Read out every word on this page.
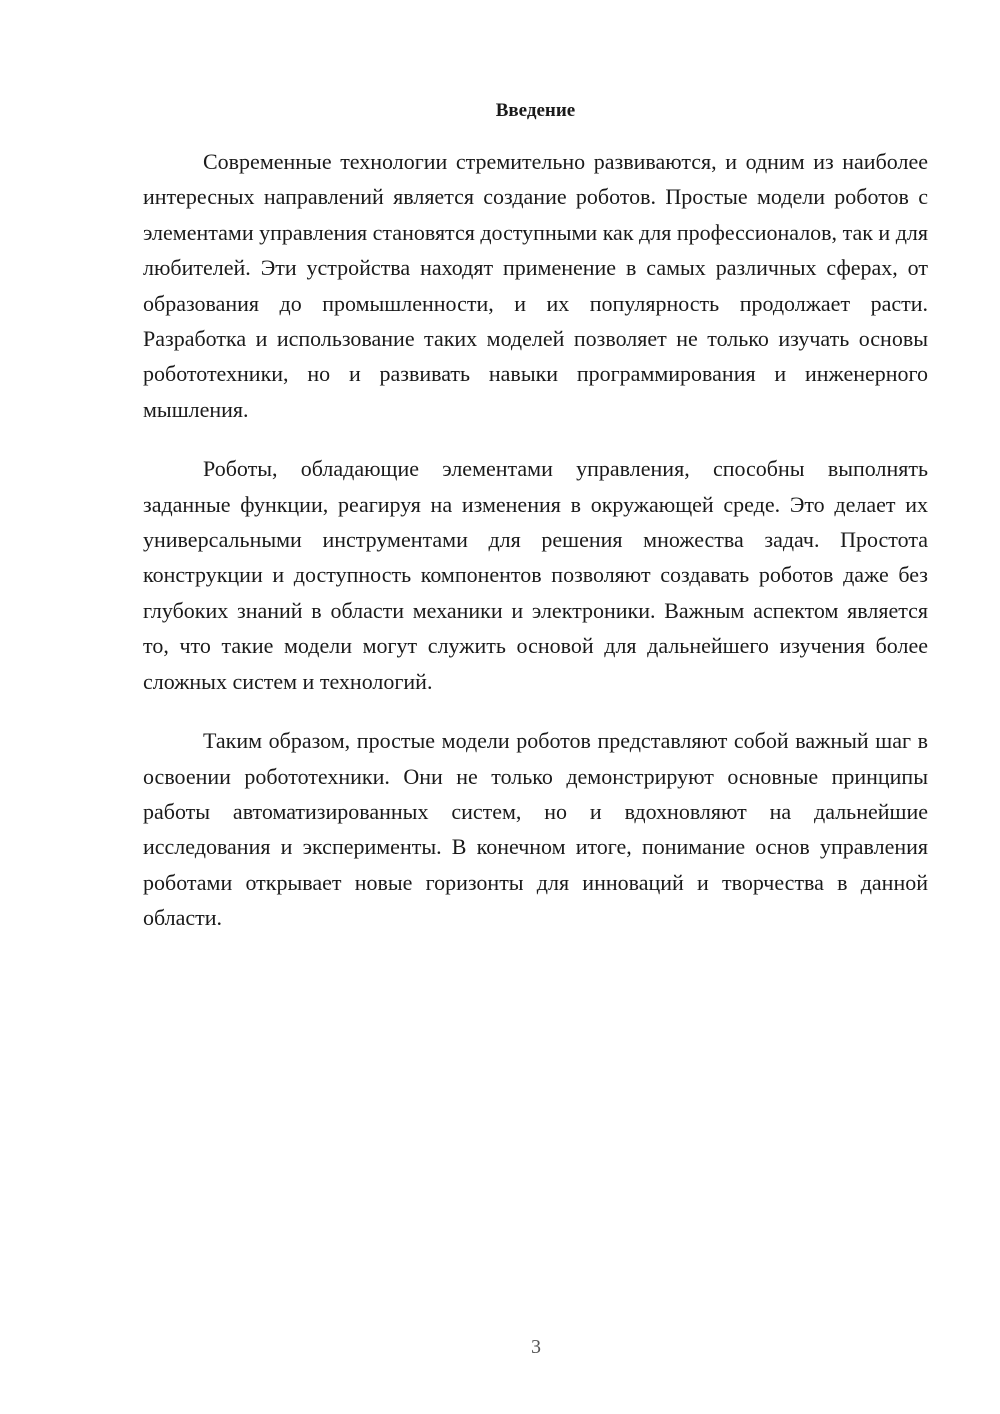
Введение

Современные технологии стремительно развиваются, и одним из наиболее интересных направлений является создание роботов. Простые модели роботов с элементами управления становятся доступными как для профессионалов, так и для любителей. Эти устройства находят применение в самых различных сферах, от образования до промышленности, и их популярность продолжает расти. Разработка и использование таких моделей позволяет не только изучать основы робототехники, но и развивать навыки программирования и инженерного мышления.

Роботы, обладающие элементами управления, способны выполнять заданные функции, реагируя на изменения в окружающей среде. Это делает их универсальными инструментами для решения множества задач. Простота конструкции и доступность компонентов позволяют создавать роботов даже без глубоких знаний в области механики и электроники. Важным аспектом является то, что такие модели могут служить основой для дальнейшего изучения более сложных систем и технологий.

Таким образом, простые модели роботов представляют собой важный шаг в освоении робототехники. Они не только демонстрируют основные принципы работы автоматизированных систем, но и вдохновляют на дальнейшие исследования и эксперименты. В конечном итоге, понимание основ управления роботами открывает новые горизонты для инноваций и творчества в данной области.

3
